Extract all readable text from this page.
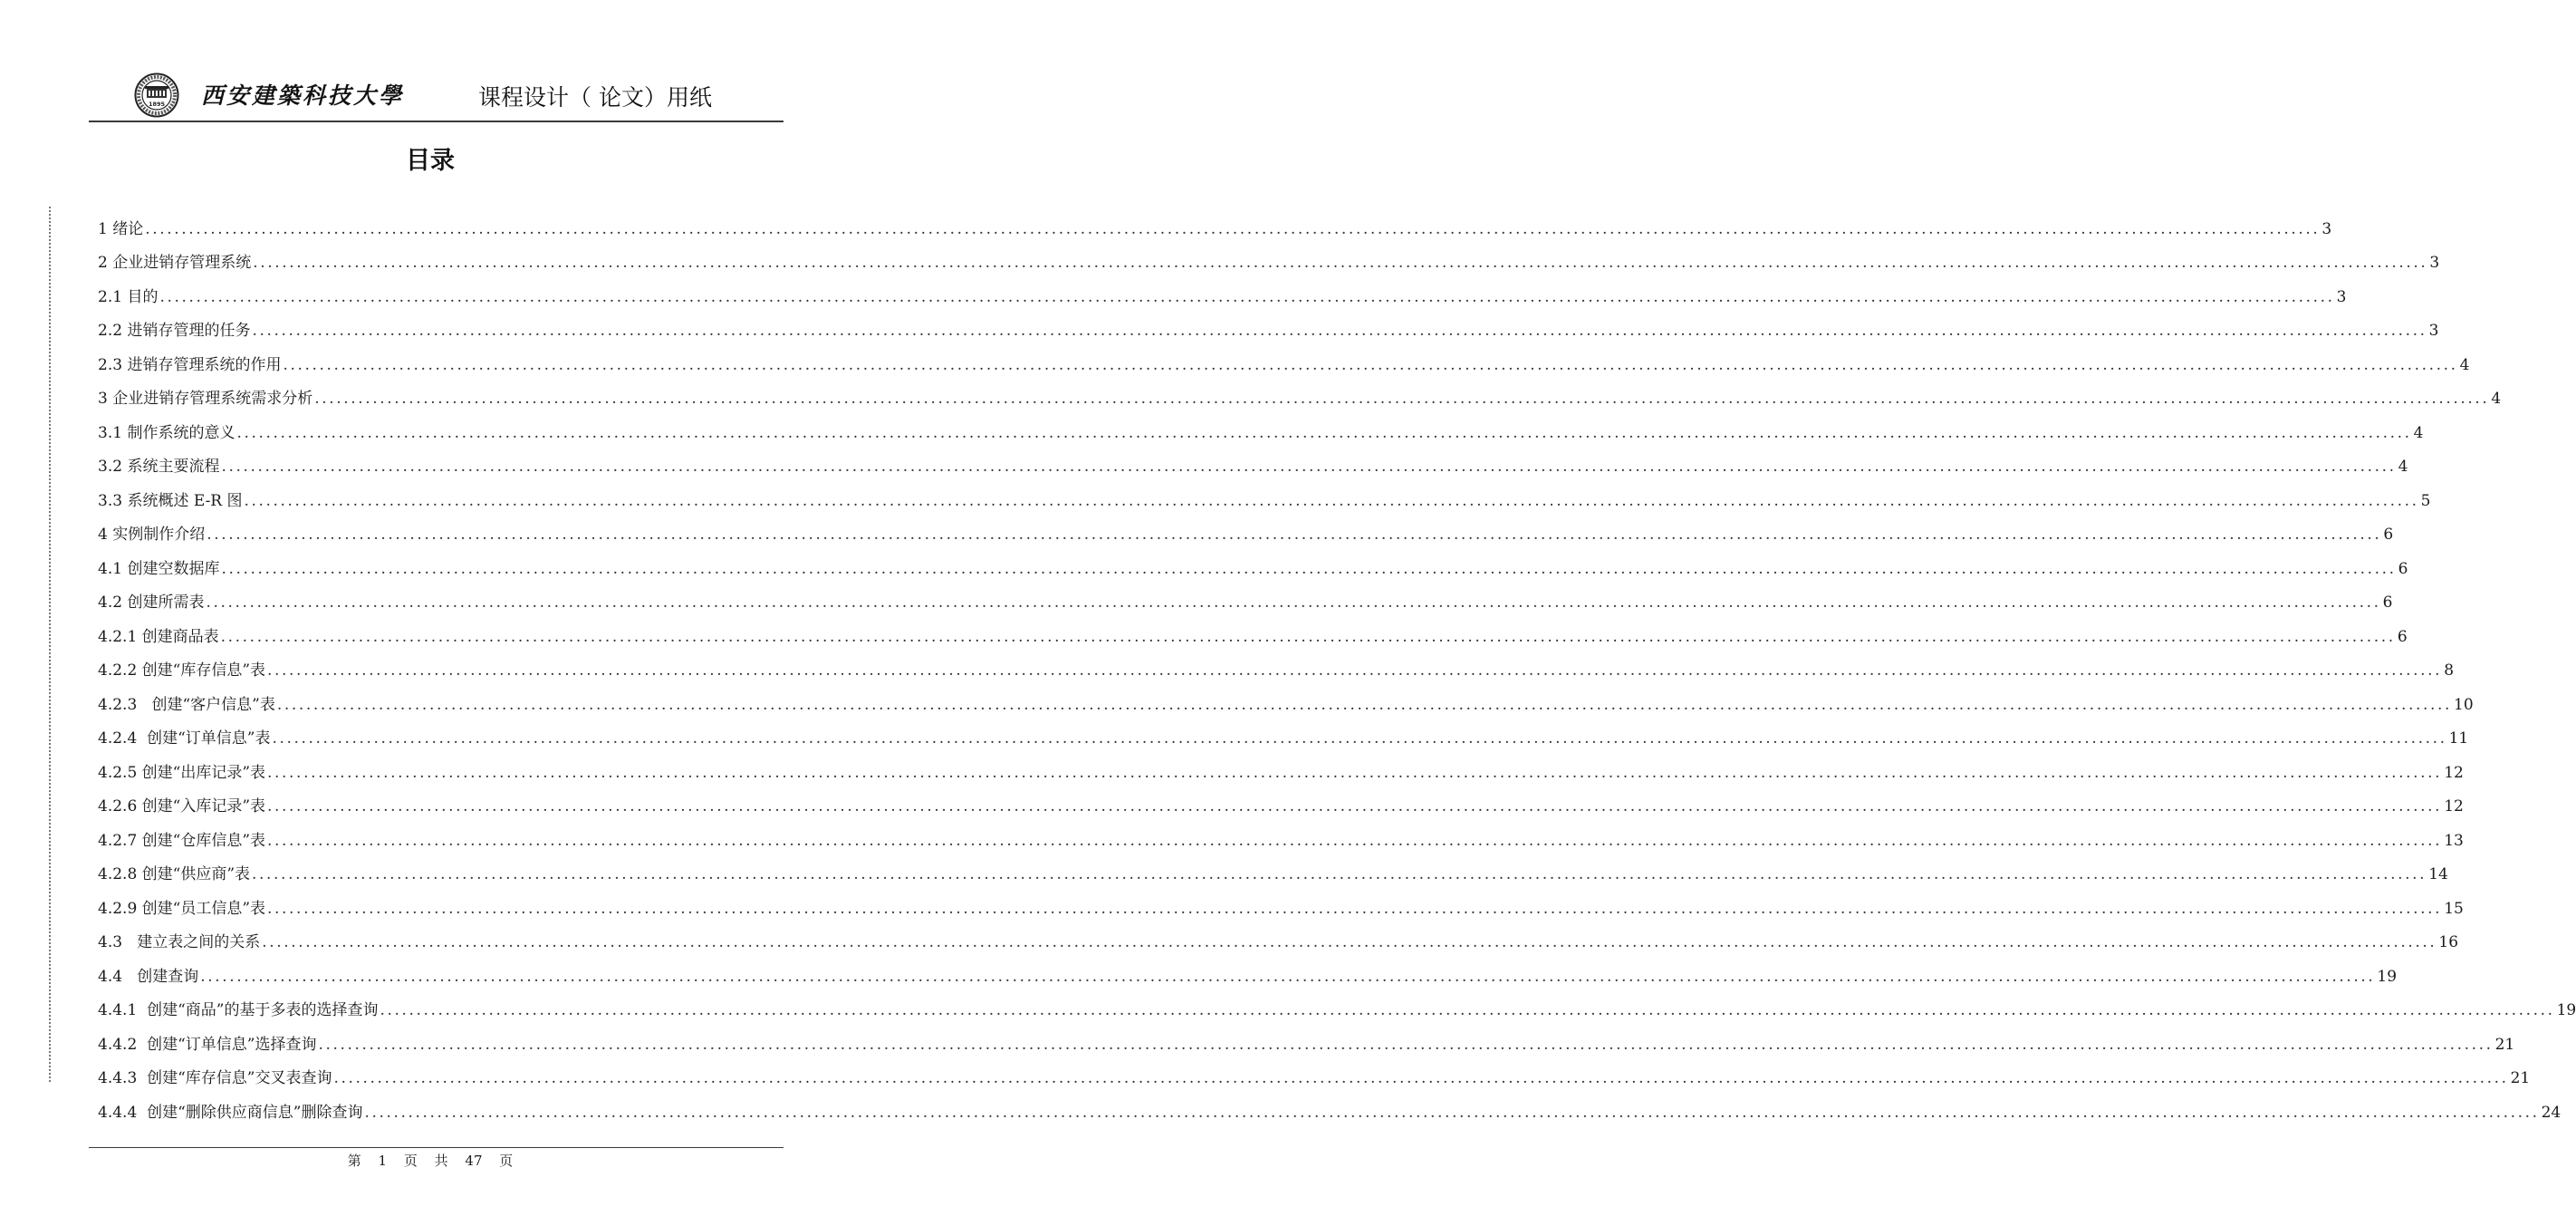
1895 西安建築科技大學	课程设计（ 论文）用纸
目录
1 绪论 ............................................................................................................................................................................................................................................................................................................ 3
2 企业进销存管理系统 ............................................................................................................................................................................................................................................................................................................ 3
2.1 目的 ............................................................................................................................................................................................................................................................................................................ 3
2.2 进销存管理的任务 ............................................................................................................................................................................................................................................................................................................ 3
2.3 进销存管理系统的作用 ............................................................................................................................................................................................................................................................................................................ 4
3 企业进销存管理系统需求分析 ............................................................................................................................................................................................................................................................................................................ 4
3.1 制作系统的意义 ............................................................................................................................................................................................................................................................................................................ 4
3.2 系统主要流程 ............................................................................................................................................................................................................................................................................................................ 4
3.3 系统概述 E-R 图 ............................................................................................................................................................................................................................................................................................................ 5
4 实例制作介绍 ............................................................................................................................................................................................................................................................................................................ 6
4.1 创建空数据库 ............................................................................................................................................................................................................................................................................................................ 6
4.2 创建所需表 ............................................................................................................................................................................................................................................................................................................ 6
4.2.1 创建商品表 ............................................................................................................................................................................................................................................................................................................ 6
4.2.2 创建“库存信息”表 ............................................................................................................................................................................................................................................................................................................ 8
4.2.3   创建“客户信息”表 ............................................................................................................................................................................................................................................................................................................ 10
4.2.4  创建“订单信息”表 ............................................................................................................................................................................................................................................................................................................ 11
4.2.5 创建“出库记录”表 ............................................................................................................................................................................................................................................................................................................ 12
4.2.6 创建“入库记录”表 ............................................................................................................................................................................................................................................................................................................ 12
4.2.7 创建“仓库信息”表 ............................................................................................................................................................................................................................................................................................................ 13
4.2.8 创建“供应商”表 ............................................................................................................................................................................................................................................................................................................ 14
4.2.9 创建“员工信息”表 ............................................................................................................................................................................................................................................................................................................ 15
4.3   建立表之间的关系 ............................................................................................................................................................................................................................................................................................................ 16
4.4   创建查询 ............................................................................................................................................................................................................................................................................................................ 19
4.4.1  创建“商品”的基于多表的选择查询 ............................................................................................................................................................................................................................................................................................................ 19
4.4.2  创建“订单信息”选择查询 ............................................................................................................................................................................................................................................................................................................ 21
4.4.3  创建“库存信息”交叉表查询 ............................................................................................................................................................................................................................................................................................................ 21
4.4.4  创建“删除供应商信息”删除查询 ............................................................................................................................................................................................................................................................................................................ 24
第 1 页 共 47 页
